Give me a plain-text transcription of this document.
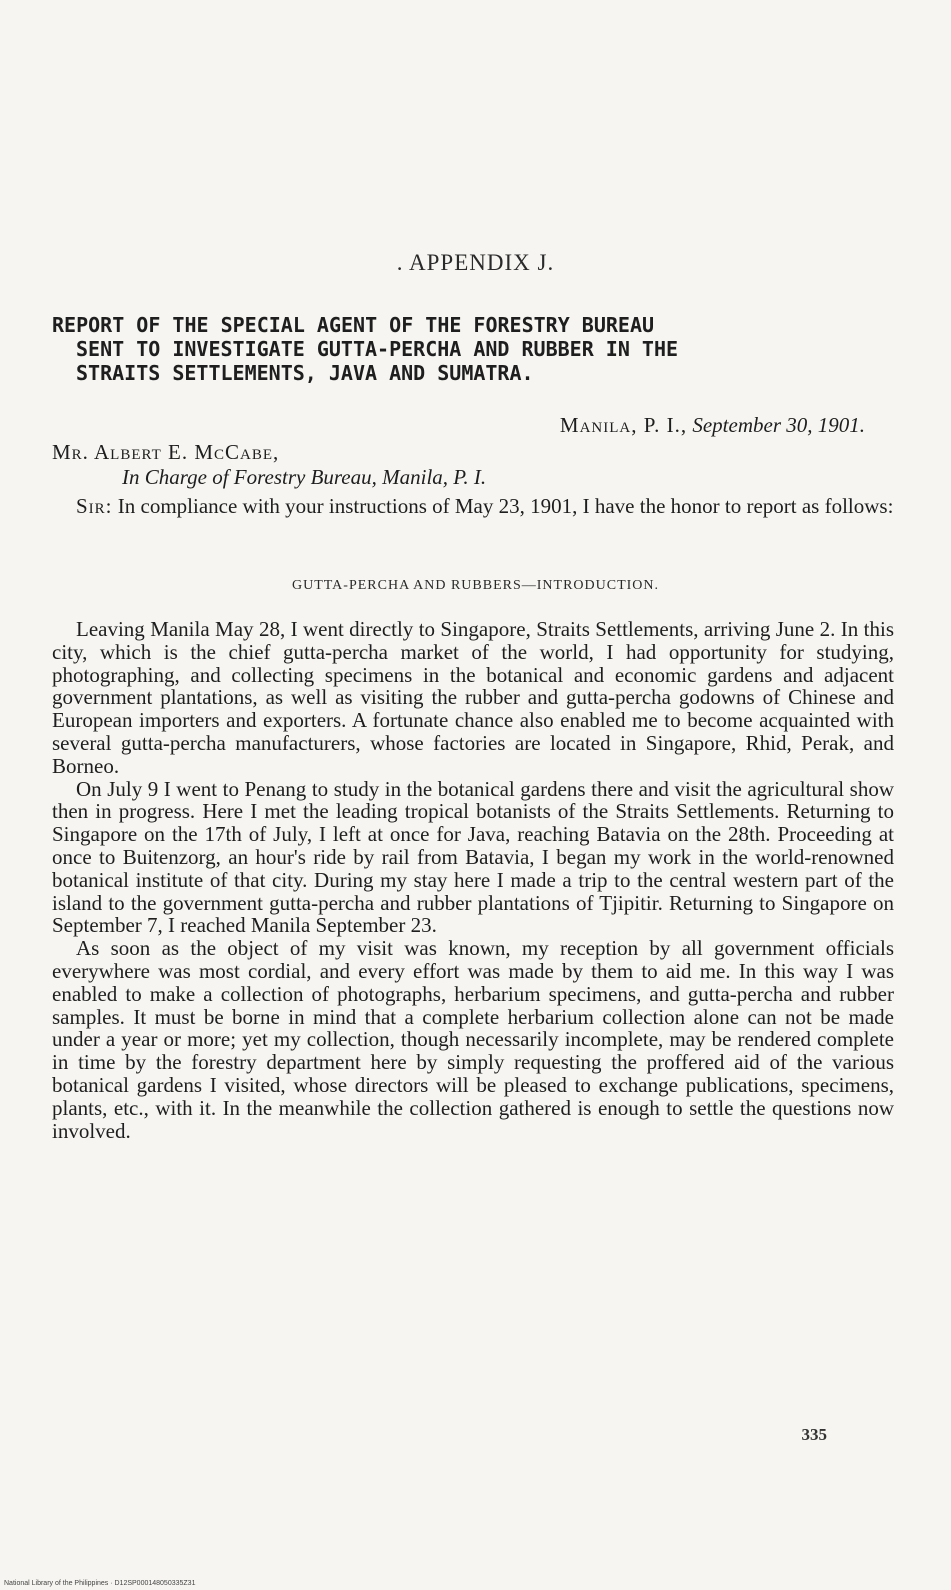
. APPENDIX J.
REPORT OF THE SPECIAL AGENT OF THE FORESTRY BUREAU
SENT TO INVESTIGATE GUTTA-PERCHA AND RUBBER IN THE
STRAITS SETTLEMENTS, JAVA AND SUMATRA.
Manila, P. I., September 30, 1901.
Mr. Albert E. McCabe,
In Charge of Forestry Bureau, Manila, P. I.
Sir: In compliance with your instructions of May 23, 1901, I have the honor to report as follows:
GUTTA-PERCHA AND RUBBERS—INTRODUCTION.

Leaving Manila May 28, I went directly to Singapore, Straits Settlements, arriving June 2. In this city, which is the chief gutta-percha market of the world, I had opportunity for studying, photographing, and collecting specimens in the botanical and economic gardens and adjacent government plantations, as well as visiting the rubber and gutta-percha godowns of Chinese and European importers and exporters. A fortunate chance also enabled me to become acquainted with several gutta-percha manufacturers, whose factories are located in Singapore, Rhid, Perak, and Borneo.

On July 9 I went to Penang to study in the botanical gardens there and visit the agricultural show then in progress. Here I met the leading tropical botanists of the Straits Settlements. Returning to Singapore on the 17th of July, I left at once for Java, reaching Batavia on the 28th. Proceeding at once to Buitenzorg, an hour's ride by rail from Batavia, I began my work in the world-renowned botanical institute of that city. During my stay here I made a trip to the central western part of the island to the government gutta-percha and rubber plantations of Tjipitir. Returning to Singapore on September 7, I reached Manila September 23.

As soon as the object of my visit was known, my reception by all government officials everywhere was most cordial, and every effort was made by them to aid me. In this way I was enabled to make a collection of photographs, herbarium specimens, and gutta-percha and rubber samples. It must be borne in mind that a complete herbarium collection alone can not be made under a year or more; yet my collection, though necessarily incomplete, may be rendered complete in time by the forestry department here by simply requesting the proffered aid of the various botanical gardens I visited, whose directors will be pleased to exchange publications, specimens, plants, etc., with it. In the meanwhile the collection gathered is enough to settle the questions now involved.

335
National Library of the Philippines · D12SP000148050335Z31
